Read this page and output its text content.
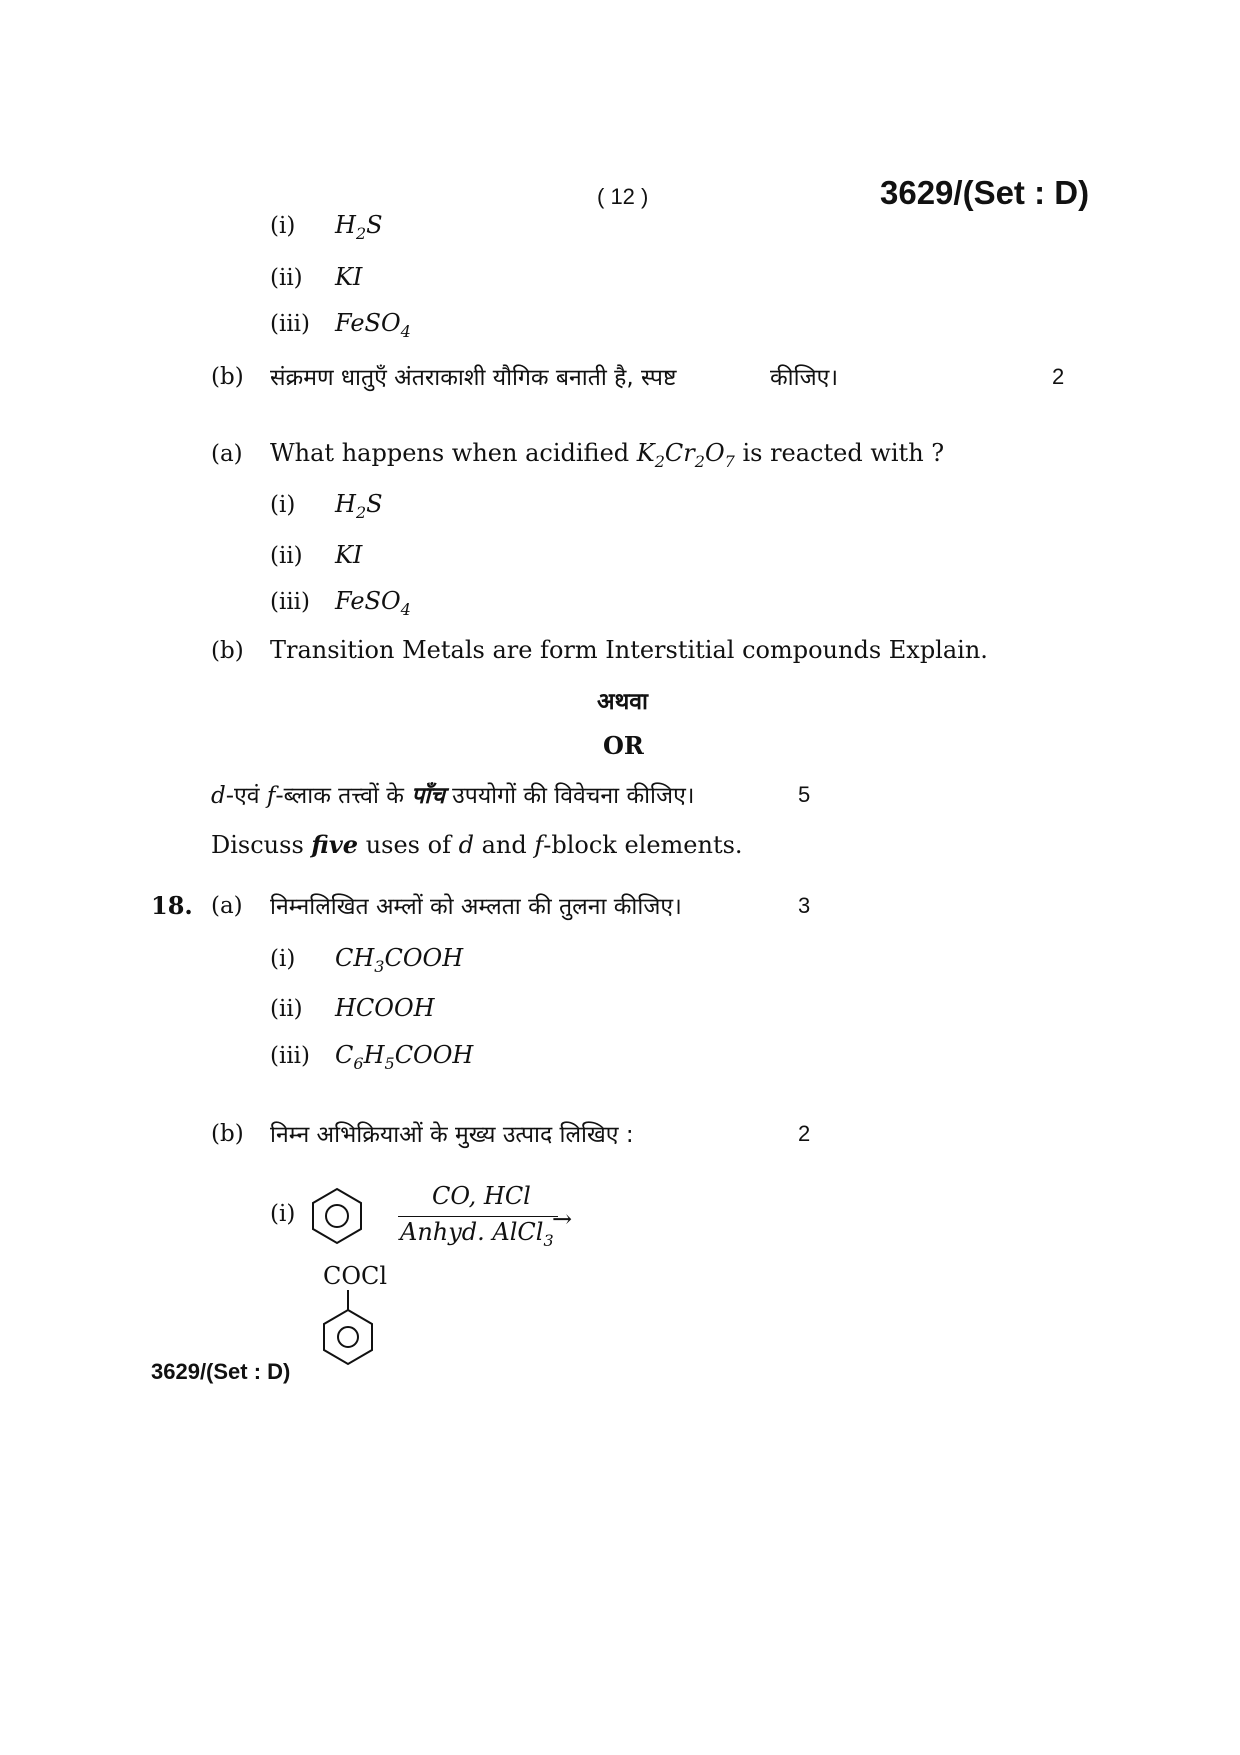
( 12 )	3629/(Set : D)
(i) $H_2S$
(ii) KI
(iii) FeSO$_4$
(b) संक्रमण धातुएँ अंतराकाशी यौगिक बनाती है, स्पष्ट	कीजिए।	2
(a) What happens when acidified $K_2Cr_2O_7$ is reacted with ?
(i) $H_2S$
(ii) KI
(iii) FeSO$_4$
(b) Transition Metals are form Interstitial compounds Explain.
अथवा
OR
d-एवं f-ब्लाक तत्त्वों के पाँच उपयोगों की विवेचना कीजिए।	5
Discuss five uses of d and f-block elements.
18. (a) निम्नलिखित अम्लों को अम्लता की तुलना कीजिए।	3
(i) $CH_3COOH$
(ii) HCOOH
(iii) $C_6H_5COOH$
(b) निम्न अभिक्रियाओं के मुख्य उत्पाद लिखिए :	2
(i)
CO, HCl
→
Anhyd. AlCl$_3$
COCl
3629/(Set : D)
